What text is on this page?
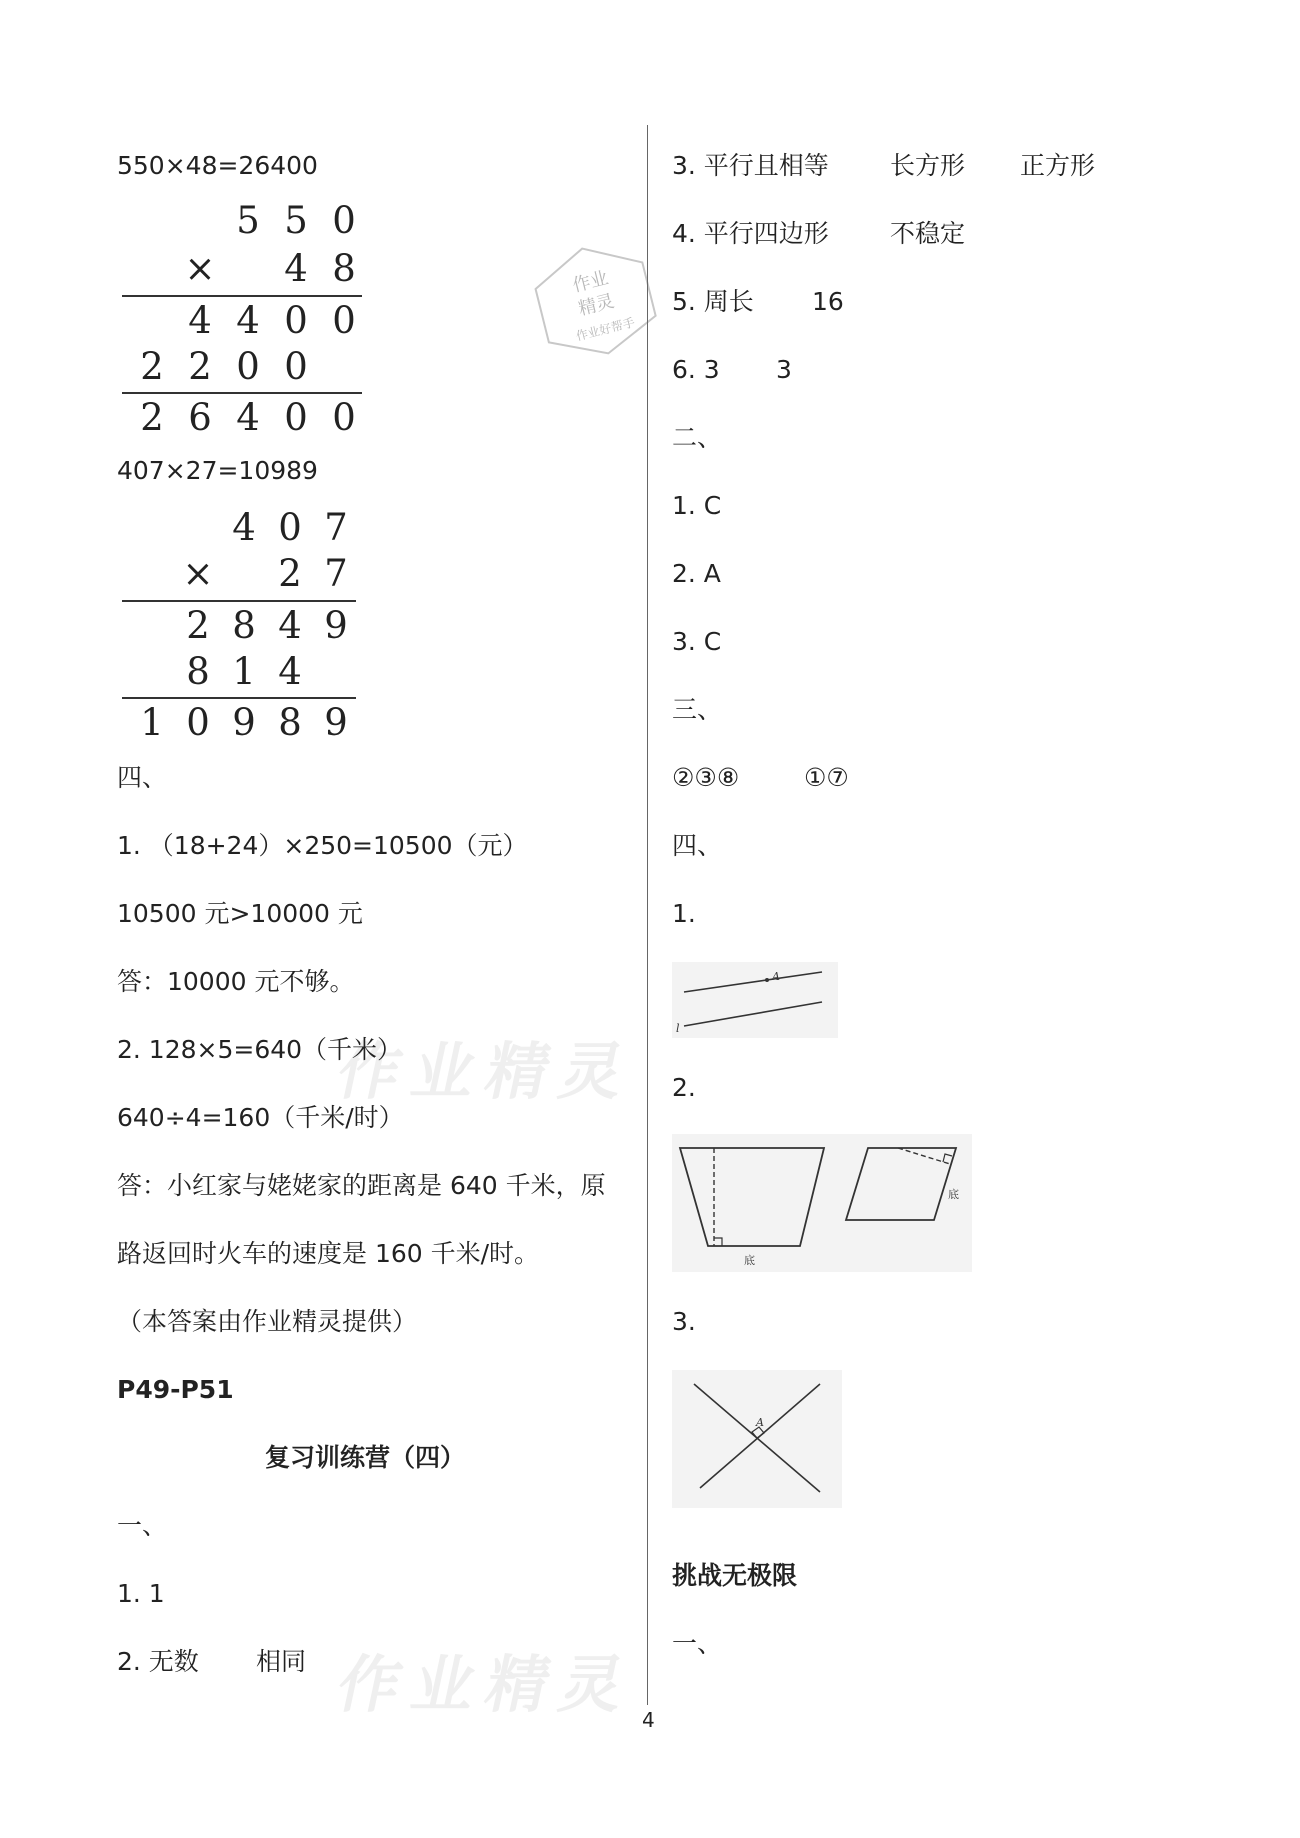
作业精灵
作业精灵
作业
精灵
作业好帮手
550×48=26400
5 5 0
×	4 8
4 4 0 0
2 2 0 0
2 6 4 0 0
407×27=10989
4 0 7
×	2 7
2 8 4 9
8 1 4
1 0 9 8 9
四、
1. （18+24）×250=10500（元）
10500 元>10000 元
答：10000 元不够。
2. 128×5=640（千米）
640÷4=160（千米/时）
答：小红家与姥姥家的距离是 640 千米，原
路返回时火车的速度是 160 千米/时。
（本答案由作业精灵提供）
P49-P51
复习训练营（四）
一、
1. 1
2. 无数 相同
3. 平行且相等 长方形 正方形
4. 平行四边形 不稳定
5. 周长 16
6. 3 3
二、
1. C
2. A
3. C
三、
②③⑧	①⑦
四、
1.
A
l
2.
底
底
3.
A
挑战无极限
一、
4
